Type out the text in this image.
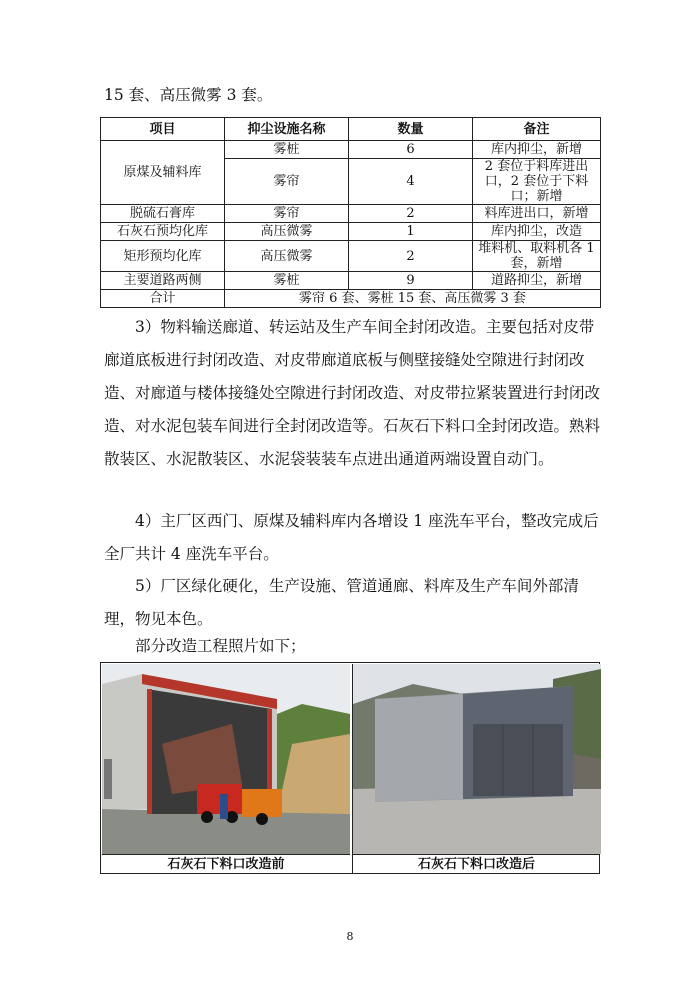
15 套、高压微雾 3 套。

项目	抑尘设施名称	数量	备注
原煤及辅料库	雾桩	6	库内抑尘，新增
	雾帘	4	2 套位于料库进出口，2 套位于下料口；新增
脱硫石膏库	雾帘	2	料库进出口，新增
石灰石预均化库	高压微雾	1	库内抑尘，改造
矩形预均化库	高压微雾	2	堆料机、取料机各 1 套，新增
主要道路两侧	雾桩	9	道路抑尘，新增
合计	雾帘 6 套、雾桩 15 套、高压微雾 3 套		

3）物料输送廊道、转运站及生产车间全封闭改造。主要包括对皮带廊道底板进行封闭改造、对皮带廊道底板与侧壁接缝处空隙进行封闭改造、对廊道与楼体接缝处空隙进行封闭改造、对皮带拉紧装置进行封闭改造、对水泥包装车间进行全封闭改造等。石灰石下料口全封闭改造。熟料散装区、水泥散装区、水泥袋装装车点进出通道两端设置自动门。

4）主厂区西门、原煤及辅料库内各增设 1 座洗车平台，整改完成后全厂共计 4 座洗车平台。

5）厂区绿化硬化，生产设施、管道通廊、料库及生产车间外部清理，物见本色。

部分改造工程照片如下；

石灰石下料口改造前	石灰石下料口改造后
8
